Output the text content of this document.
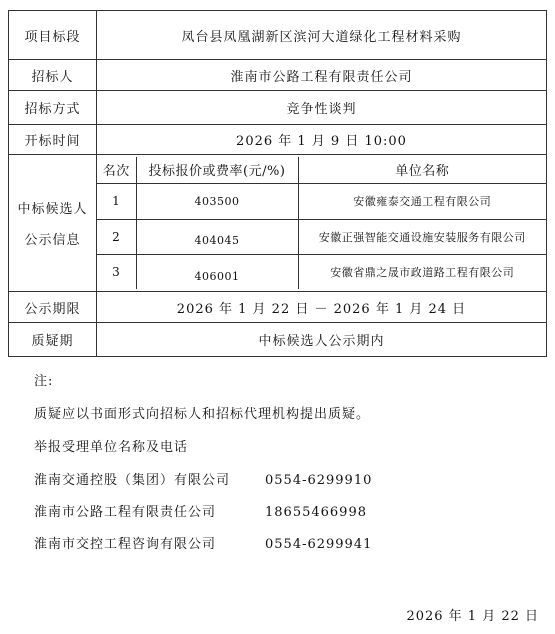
项目标段	凤台县凤凰湖新区滨河大道绿化工程材料采购
招标人	淮南市公路工程有限责任公司
招标方式	竞争性谈判
开标时间	2026 年 1 月 9 日 10:00

中标候选人
公示信息

名次	投标报价或费率(元/%)	单位名称
1	403500	安徽雍泰交通工程有限公司
2	404045	安徽正强智能交通设施安装服务有限公司
3	406001	安徽省鼎之晟市政道路工程有限公司

公示期限	2026 年 1 月 22 日 － 2026 年 1 月 24 日
质疑期	中标候选人公示期内
注:
质疑应以书面形式向招标人和招标代理机构提出质疑。
举报受理单位名称及电话
淮南交通控股（集团）有限公司	0554-6299910
淮南市公路工程有限责任公司	18655466998
淮南市交控工程咨询有限公司	0554-6299941
2026 年 1 月 22 日
